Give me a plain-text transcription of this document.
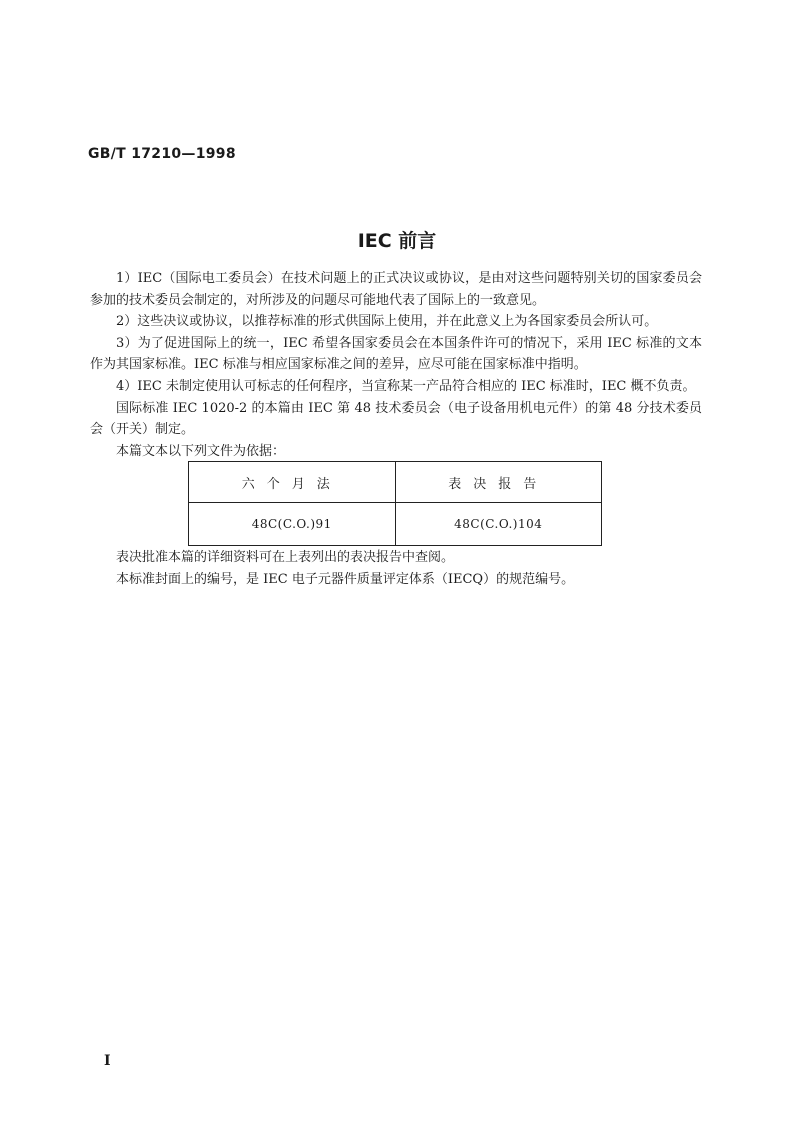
GB/T 17210—1998
IEC 前言

1）IEC（国际电工委员会）在技术问题上的正式决议或协议，是由对这些问题特别关切的国家委员会参加的技术委员会制定的，对所涉及的问题尽可能地代表了国际上的一致意见。

2）这些决议或协议，以推荐标准的形式供国际上使用，并在此意义上为各国家委员会所认可。

3）为了促进国际上的统一，IEC 希望各国家委员会在本国条件许可的情况下，采用 IEC 标准的文本作为其国家标准。IEC 标准与相应国家标准之间的差异，应尽可能在国家标准中指明。

4）IEC 未制定使用认可标志的任何程序，当宣称某一产品符合相应的 IEC 标准时，IEC 概不负责。

国际标准 IEC 1020-2 的本篇由 IEC 第 48 技术委员会（电子设备用机电元件）的第 48 分技术委员会（开关）制定。

本篇文本以下列文件为依据：

六个月法	表决报告
48C(C.O.)91	48C(C.O.)104

表决批准本篇的详细资料可在上表列出的表决报告中查阅。

本标准封面上的编号，是 IEC 电子元器件质量评定体系（IECQ）的规范编号。

I
